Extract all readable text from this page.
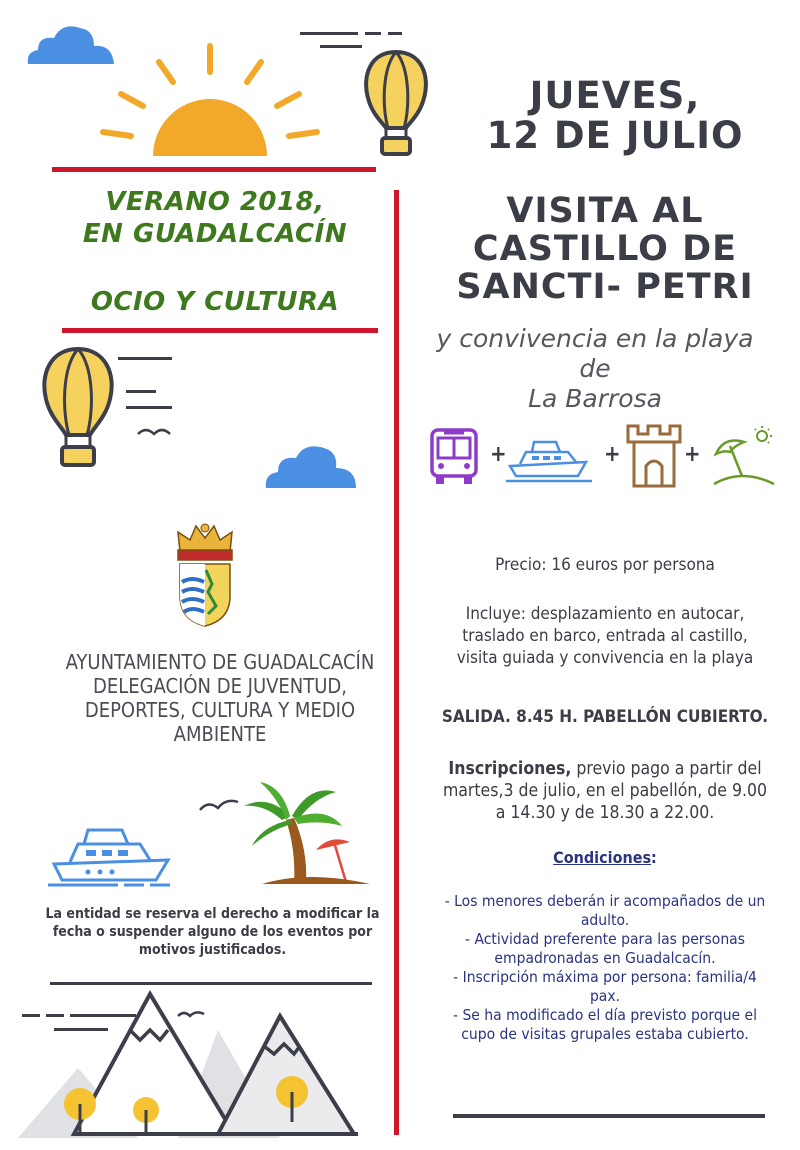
VERANO 2018,
EN GUADALCACÍN
OCIO Y CULTURA
AYUNTAMIENTO DE GUADALCACÍN
DELEGACIÓN DE JUVENTUD,
DEPORTES, CULTURA Y MEDIO
AMBIENTE
La entidad se reserva el derecho a modificar la
fecha o suspender alguno de los eventos por
motivos justificados.
JUEVES,
12 DE JULIO
VISITA AL
CASTILLO DE
SANCTI- PETRI
y convivencia en la playa de
La Barrosa
+	+	+
Precio: 16 euros por persona
Incluye: desplazamiento en autocar,
traslado en barco, entrada al castillo,
visita guiada y convivencia en la playa
SALIDA. 8.45 H. PABELLÓN CUBIERTO.
Inscripciones, previo pago a partir del
martes,3 de julio, en el pabellón, de 9.00
a 14.30 y de 18.30 a 22.00.
Condiciones:
- Los menores deberán ir acompañados de un
adulto.
- Actividad preferente para las personas
empadronadas en Guadalcacín.
- Inscripción máxima por persona: familia/4
pax.
- Se ha modificado el día previsto porque el
cupo de visitas grupales estaba cubierto.
